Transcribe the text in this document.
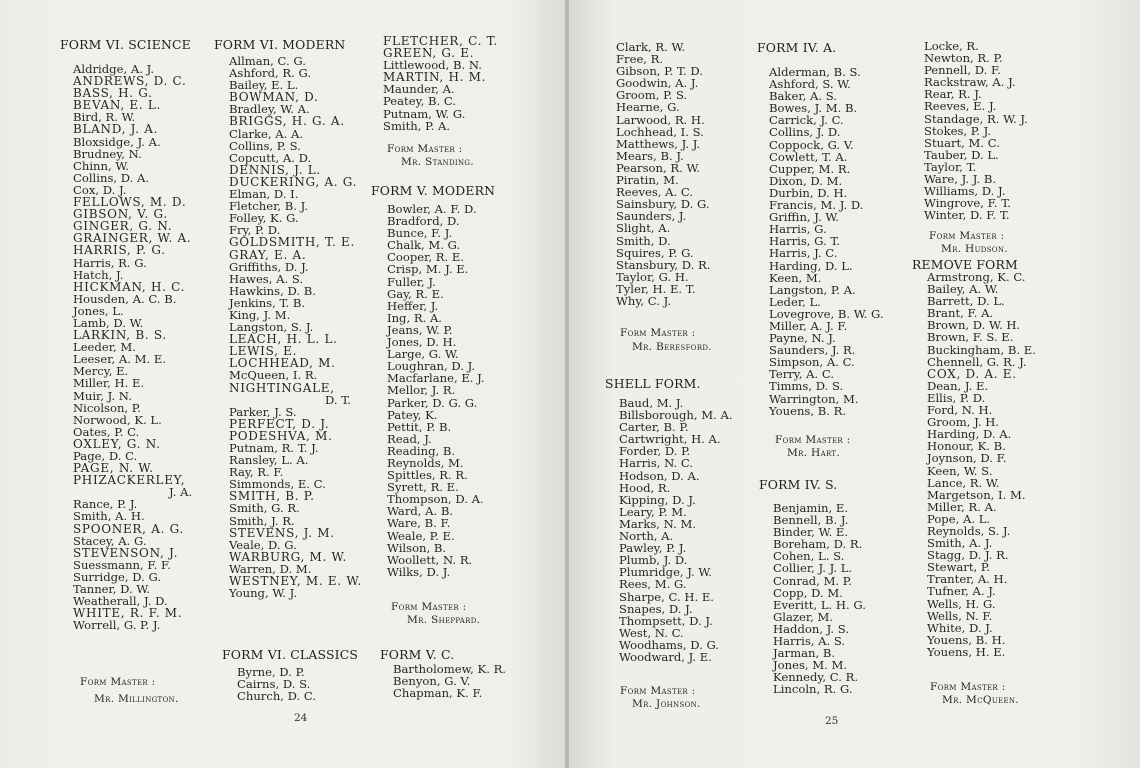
FORM VI. SCIENCE
Aldridge, A. J.
ANDREWS, D. C.
BASS, H. G.
BEVAN, E. L.
Bird, R. W.
BLAND, J. A.
Bloxsidge, J. A.
Brudney, N.
Chinn, W.
Collins, D. A.
Cox, D. J.
FELLOWS, M. D.
GIBSON, V. G.
GINGER, G. N.
GRAINGER, W. A.
HARRIS, P. G.
Harris, R. G.
Hatch, J.
HICKMAN, H. C.
Housden, A. C. B.
Jones, L.
Lamb, D. W.
LARKIN, B. S.
Leeder, M.
Leeser, A. M. E.
Mercy, E.
Miller, H. E.
Muir, J. N.
Nicolson, P.
Norwood, K. L.
Oates, P. C.
OXLEY, G. N.
Page, D. C.
PAGE, N. W.
PHIZACKERLEY,
J. A.
Rance, P. J.
Smith, A. H.
SPOONER, A. G.
Stacey, A. G.
STEVENSON, J.
Suessmann, F. F.
Surridge, D. G.
Tanner, D. W.
Weatherall, J. D.
WHITE, R. F. M.
Worrell, G. P. J.
Form Master :
Mr. Millington.
FORM VI. MODERN
Allman, C. G.
Ashford, R. G.
Bailey, E. L.
BOWMAN, D.
Bradley, W. A.
BRIGGS, H. G. A.
Clarke, A. A.
Collins, P. S.
Copcutt, A. D.
DENNIS, J. L.
DUCKERING, A. G.
Elman, D. I.
Fletcher, B. J.
Folley, K. G.
Fry, P. D.
GOLDSMITH, T. E.
GRAY, E. A.
Griffiths, D. J.
Hawes, A. S.
Hawkins, D. B.
Jenkins, T. B.
King, J. M.
Langston, S. J.
LEACH, H. L. L.
LEWIS, E.
LOCHHEAD, M.
McQueen, I. R.
NIGHTINGALE,
D. T.
Parker, J. S.
PERFECT, D. J.
PODESHVA, M.
Putnam, R. T. J.
Ransley, L. A.
Ray, R. F.
Simmonds, E. C.
SMITH, B. P.
Smith, G. R.
Smith, J. R.
STEVENS, J. M.
Veale, D. G.
WARBURG, M. W.
Warren, D. M.
WESTNEY, M. E. W.
Young, W. J.
FORM VI. CLASSICS
Byrne, D. P.
Cairns, D. S.
Church, D. C.
24
FLETCHER, C. T.
GREEN, G. E.
Littlewood, B. N.
MARTIN, H. M.
Maunder, A.
Peatey, B. C.
Putnam, W. G.
Smith, P. A.
Form Master :
Mr. Standing.
FORM V. MODERN
Bowler, A. F. D.
Bradford, D.
Bunce, F. J.
Chalk, M. G.
Cooper, R. E.
Crisp, M. J. E.
Fuller, J.
Gay, R. E.
Heffer, J.
Ing, R. A.
Jeans, W. P.
Jones, D. H.
Large, G. W.
Loughran, D. J.
Macfarlane, E. J.
Mellor, J. R.
Parker, D. G. G.
Patey, K.
Pettit, P. B.
Read, J.
Reading, B.
Reynolds, M.
Spittles, R. R.
Syrett, R. E.
Thompson, D. A.
Ward, A. B.
Ware, B. F.
Weale, P. E.
Wilson, B.
Woollett, N. R.
Wilks, D. J.
Form Master :
Mr. Sheppard.
FORM V. C.
Bartholomew, K. R.
Benyon, G. V.
Chapman, K. F.
Clark, R. W.
Free, R.
Gibson, P. T. D.
Goodwin, A. J.
Groom, P. S.
Hearne, G.
Larwood, R. H.
Lochhead, I. S.
Matthews, J. J.
Mears, B. J.
Pearson, R. W.
Piratin, M.
Reeves, A. C.
Sainsbury, D. G.
Saunders, J.
Slight, A.
Smith, D.
Squires, P. G.
Stansbury, D. R.
Taylor, G. H.
Tyler, H. E. T.
Why, C. J.
Form Master :
Mr. Beresford.
SHELL FORM.
Baud, M. J.
Billsborough, M. A.
Carter, B. P.
Cartwright, H. A.
Forder, D. P.
Harris, N. C.
Hodson, D. A.
Hood, R.
Kipping, D. J.
Leary, P. M.
Marks, N. M.
North, A.
Pawley, P. J.
Plumb, J. D.
Plumridge, J. W.
Rees, M. G.
Sharpe, C. H. E.
Snapes, D. J.
Thompsett, D. J.
West, N. C.
Woodhams, D. G.
Woodward, J. E.
Form Master :
Mr. Johnson.
FORM IV. A.
Alderman, B. S.
Ashford, S. W.
Baker, A. S.
Bowes, J. M. B.
Carrick, J. C.
Collins, J. D.
Coppock, G. V.
Cowlett, T. A.
Cupper, M. R.
Dixon, D. M.
Durbin, D. H.
Francis, M. J. D.
Griffin, J. W.
Harris, G.
Harris, G. T.
Harris, J. C.
Harding, D. L.
Keen, M.
Langston, P. A.
Leder, L.
Lovegrove, B. W. G.
Miller, A. J. F.
Payne, N. J.
Saunders, J. R.
Simpson, A. C.
Terry, A. C.
Timms, D. S.
Warrington, M.
Youens, B. R.
Form Master :
Mr. Hart.
FORM IV. S.
Benjamin, E.
Bennell, B. J.
Binder, W. E.
Boreham, D. R.
Cohen, L. S.
Collier, J. J. L.
Conrad, M. P.
Copp, D. M.
Everitt, L. H. G.
Glazer, M.
Haddon, J. S.
Harris, A. S.
Jarman, B.
Jones, M. M.
Kennedy, C. R.
Lincoln, R. G.
25
Locke, R.
Newton, R. P.
Pennell, D. F.
Rackstraw, A. J.
Rear, R. J.
Reeves, E. J.
Standage, R. W. J.
Stokes, P. J.
Stuart, M. C.
Tauber, D. L.
Taylor, T.
Ware, J. J. B.
Williams, D. J.
Wingrove, F. T.
Winter, D. F. T.
Form Master :
Mr. Hudson.
REMOVE FORM
Armstrong, K. C.
Bailey, A. W.
Barrett, D. L.
Brant, F. A.
Brown, D. W. H.
Brown, F. S. E.
Buckingham, B. E.
Chennell, G. R. J.
COX, D. A. E.
Dean, J. E.
Ellis, P. D.
Ford, N. H.
Groom, J. H.
Harding, D. A.
Honour, K. B.
Joynson, D. F.
Keen, W. S.
Lance, R. W.
Margetson, I. M.
Miller, R. A.
Pope, A. L.
Reynolds, S. J.
Smith, A. J.
Stagg, D. J. R.
Stewart, P.
Tranter, A. H.
Tufner, A. J.
Wells, H. G.
Wells, N. F.
White, D. J.
Youens, B. H.
Youens, H. E.
Form Master :
Mr. McQueen.
